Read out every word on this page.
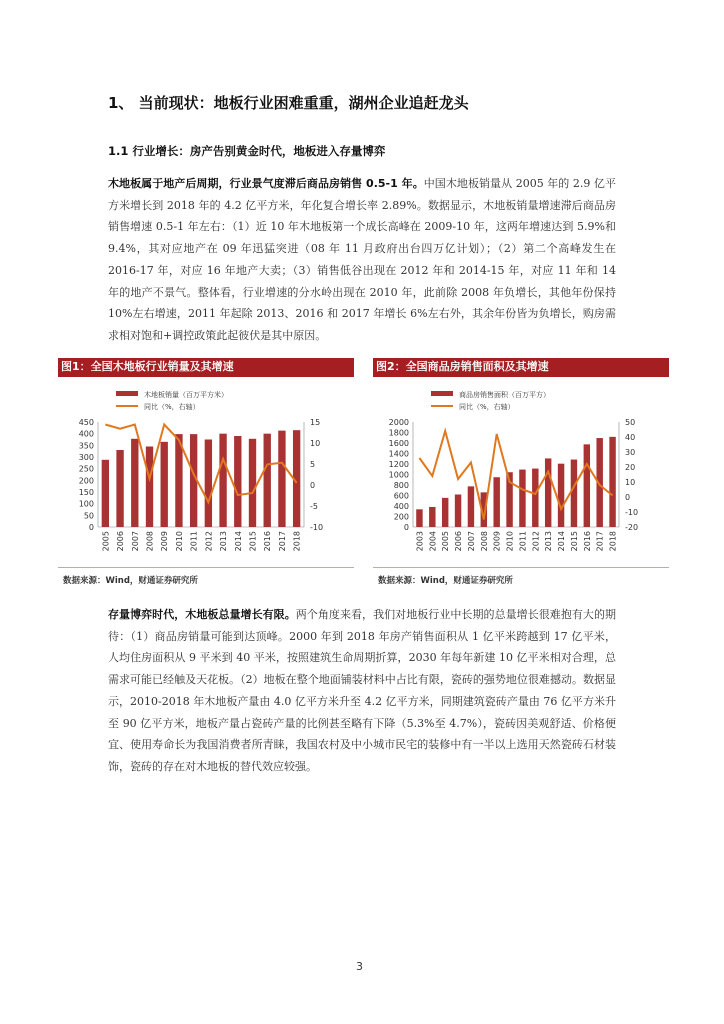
1、 当前现状：地板行业困难重重，湖州企业追赶龙头
1.1 行业增长：房产告别黄金时代，地板进入存量博弈
木地板属于地产后周期，行业景气度滞后商品房销售 0.5-1 年。中国木地板销量从 2005 年的 2.9 亿平方米增长到 2018 年的 4.2 亿平方米，年化复合增长率 2.89%。数据显示，木地板销量增速滞后商品房销售增速 0.5-1 年左右：（1）近 10 年木地板第一个成长高峰在 2009-10 年，这两年增速达到 5.9%和 9.4%，其对应地产在 09 年迅猛突进（08 年 11 月政府出台四万亿计划）；（2）第二个高峰发生在 2016-17 年，对应 16 年地产大卖；（3）销售低谷出现在 2012 年和 2014-15 年，对应 11 年和 14 年的地产不景气。整体看，行业增速的分水岭出现在 2010 年，此前除 2008 年负增长，其他年份保持 10%左右增速，2011 年起除 2013、2016 和 2017 年增长 6%左右外，其余年份皆为负增长，购房需求相对饱和+调控政策此起彼伏是其中原因。
图1：全国木地板行业销量及其增速	图2：全国商品房销售面积及其增速
木地板销量（百万平方米）
同比（%，右轴）
0
50
100
150
200
250
300
350
400
450
-10
-5
0
5
10
15
2005 2006 2007 2008 2009 2010 2011 2012 2013 2014 2015 2016 2017 2018
商品房销售面积（百万平方）
同比（%，右轴）
0
200
400
600
800
1000
1200
1400
1600
1800
2000
-20
-10
0
10
20
30
40
50
2003 2004 2005 2006 2007 2008 2009 2010 2011 2012 2013 2014 2015 2016 2017 2018
数据来源：Wind，财通证券研究所	数据来源：Wind，财通证券研究所
存量博弈时代，木地板总量增长有限。两个角度来看，我们对地板行业中长期的总量增长很难抱有大的期待：（1）商品房销量可能到达顶峰。2000 年到 2018 年房产销售面积从 1 亿平米跨越到 17 亿平米，人均住房面积从 9 平米到 40 平米，按照建筑生命周期折算，2030 年每年新建 10 亿平米相对合理，总需求可能已经触及天花板。（2）地板在整个地面铺装材料中占比有限，瓷砖的强势地位很难撼动。数据显示，2010-2018 年木地板产量由 4.0 亿平方米升至 4.2 亿平方米，同期建筑瓷砖产量由 76 亿平方米升至 90 亿平方米，地板产量占瓷砖产量的比例甚至略有下降（5.3%至 4.7%），瓷砖因美观舒适、价格便宜、使用寿命长为我国消费者所青睐，我国农村及中小城市民宅的装修中有一半以上选用天然瓷砖石材装饰，瓷砖的存在对木地板的替代效应较强。
3
